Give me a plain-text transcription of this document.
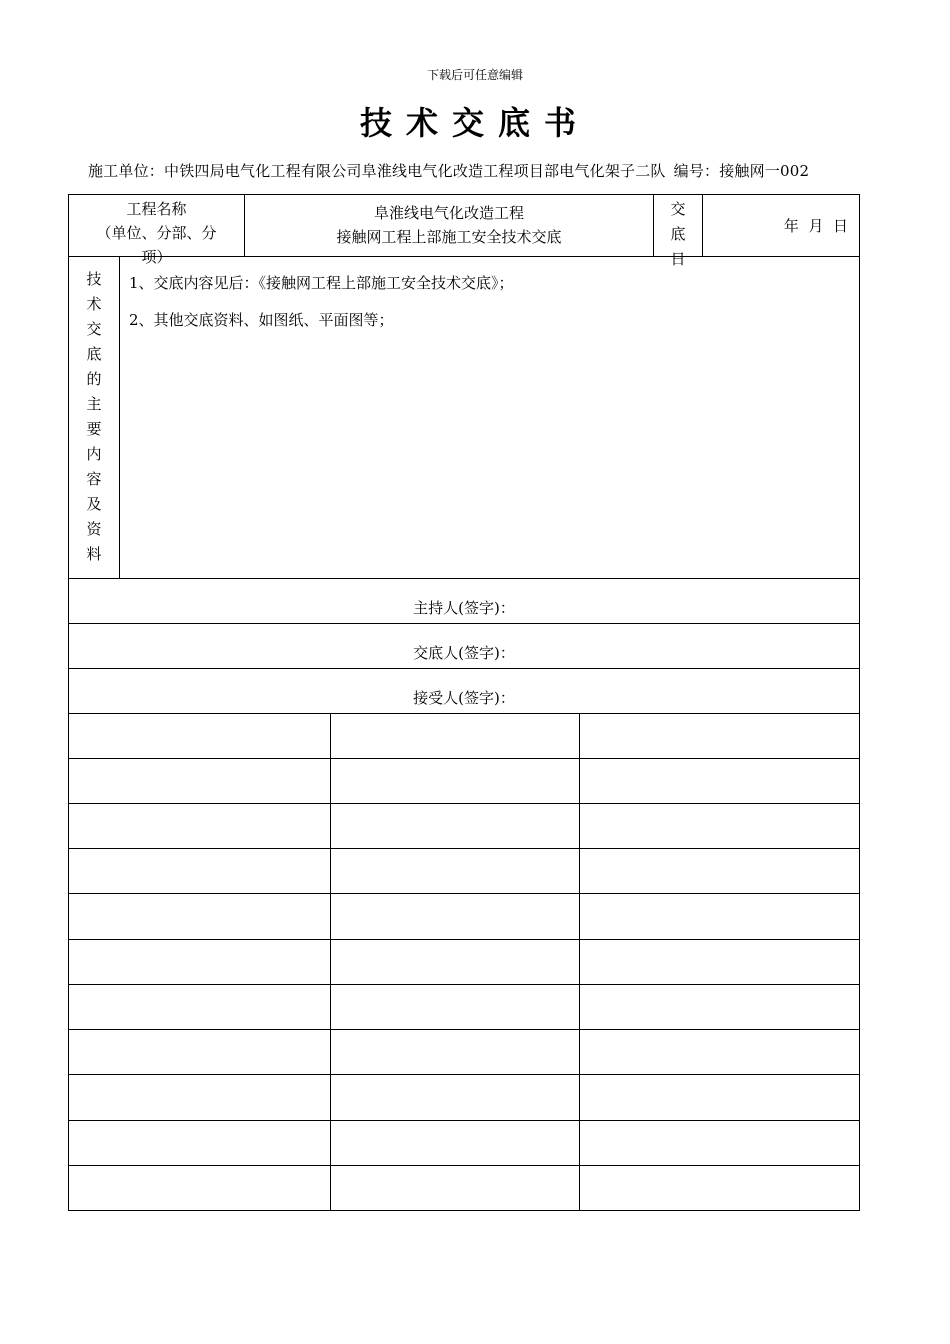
下载后可任意编辑
技术交底书
施工单位：中铁四局电气化工程有限公司阜淮线电气化改造工程项目部电气化架子二队 编号：接触网一002
工程名称
（单位、分部、分
项）
阜淮线电气化改造工程
接触网工程上部施工安全技术交底
交
底
日
年  月  日
技
术
交
底
的
主
要
内
容
及
资
料
1、交底内容见后：《接触网工程上部施工安全技术交底》；
2、其他交底资料、如图纸、平面图等；
主持人(签字)：
交底人(签字)：
接受人(签字)：
